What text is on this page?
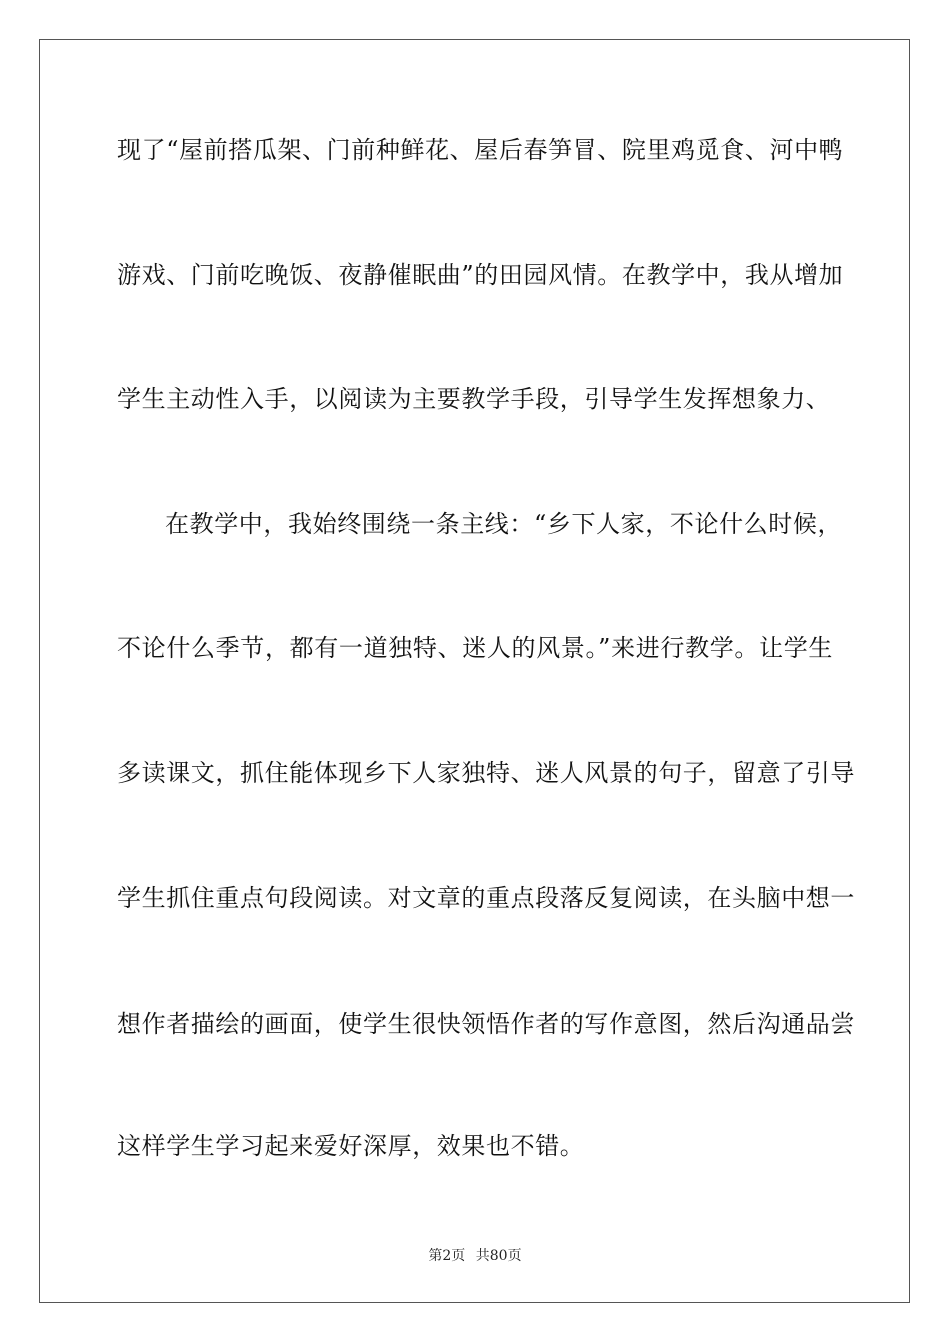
现了“屋前搭瓜架、门前种鲜花、屋后春笋冒、院里鸡觅食、河中鸭
游戏、门前吃晚饭、夜静催眠曲”的田园风情。在教学中，我从增加
学生主动性入手，以阅读为主要教学手段，引导学生发挥想象力、
在教学中，我始终围绕一条主线：“乡下人家，不论什么时候，
不论什么季节，都有一道独特、迷人的风景。”来进行教学。让学生
多读课文，抓住能体现乡下人家独特、迷人风景的句子，留意了引导
学生抓住重点句段阅读。对文章的重点段落反复阅读，在头脑中想一
想作者描绘的画面，使学生很快领悟作者的写作意图，然后沟通品尝
这样学生学习起来爱好深厚，效果也不错。
第2页 共80页
